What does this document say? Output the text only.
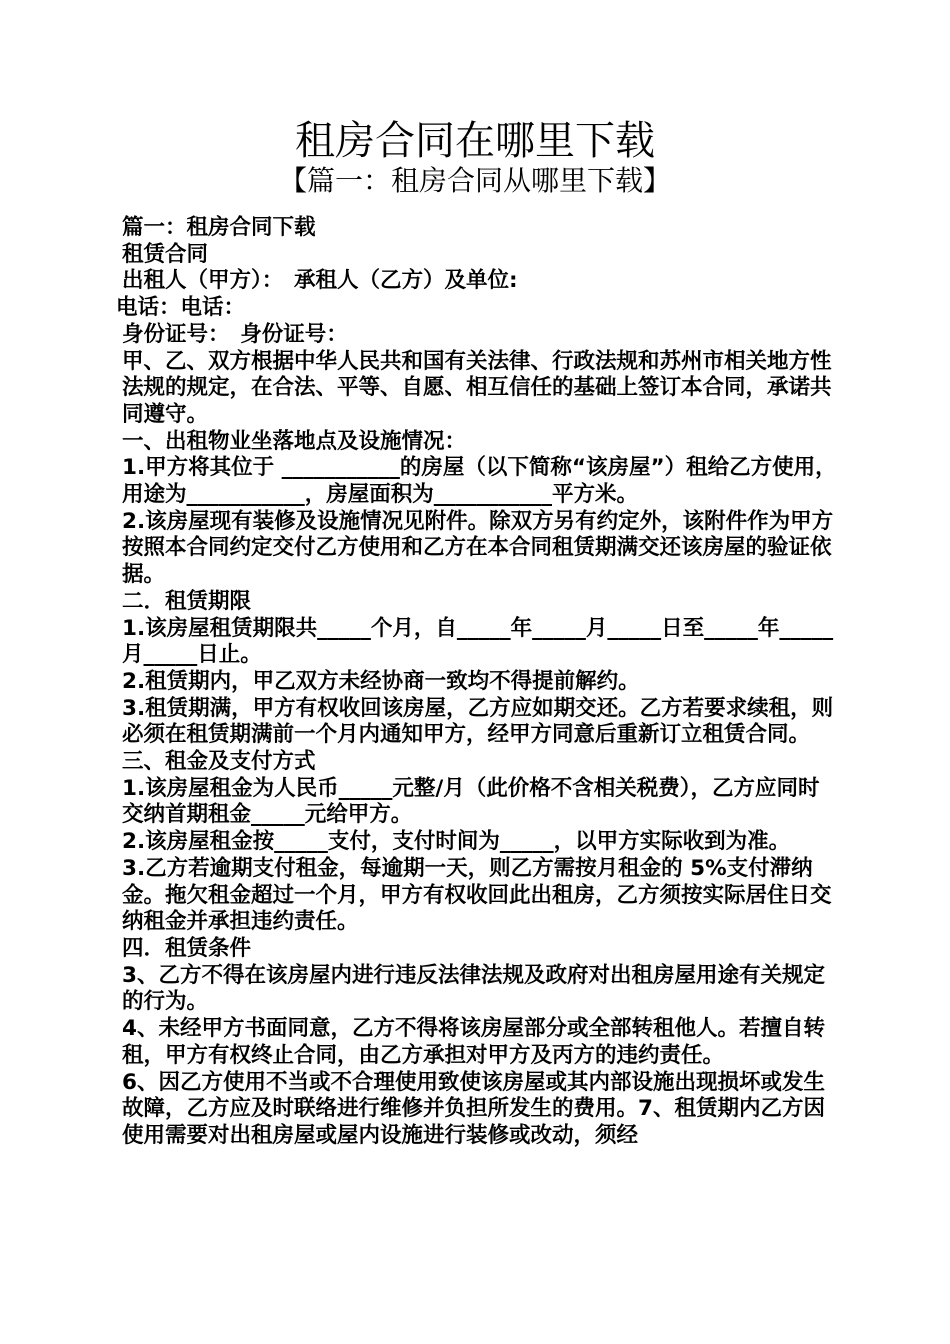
租房合同在哪里下载
【篇一：租房合同从哪里下载】

篇一：租房合同下载

租赁合同

出租人（甲方）：　承租人（乙方）及单位:

电话：电话：

身份证号：　身份证号：

甲、乙、双方根据中华人民共和国有关法律、行政法规和苏州市相关地方性法规的规定，在合法、平等、自愿、相互信任的基础上签订本合同，承诺共同遵守。

一、出租物业坐落地点及设施情况：

1.甲方将其位于 ___________的房屋（以下简称“该房屋”）租给乙方使用，用途为___________，房屋面积为___________平方米。

2.该房屋现有装修及设施情况见附件。除双方另有约定外，该附件作为甲方按照本合同约定交付乙方使用和乙方在本合同租赁期满交还该房屋的验证依据。

二．租赁期限

1.该房屋租赁期限共_____个月，自_____年_____月_____日至_____年_____月_____日止。

2.租赁期内，甲乙双方未经协商一致均不得提前解约。

3.租赁期满，甲方有权收回该房屋，乙方应如期交还。乙方若要求续租，则必须在租赁期满前一个月内通知甲方，经甲方同意后重新订立租赁合同。

三、租金及支付方式

1.该房屋租金为人民币_____元整/月（此价格不含相关税费），乙方应同时交纳首期租金_____元给甲方。

2.该房屋租金按_____支付，支付时间为_____，以甲方实际收到为准。

3.乙方若逾期支付租金，每逾期一天，则乙方需按月租金的 5%支付滞纳金。拖欠租金超过一个月，甲方有权收回此出租房，乙方须按实际居住日交纳租金并承担违约责任。

四．租赁条件

3、乙方不得在该房屋内进行违反法律法规及政府对出租房屋用途有关规定的行为。

4、未经甲方书面同意，乙方不得将该房屋部分或全部转租他人。若擅自转租，甲方有权终止合同，由乙方承担对甲方及丙方的违约责任。

6、因乙方使用不当或不合理使用致使该房屋或其内部设施出现损坏或发生故障，乙方应及时联络进行维修并负担所发生的费用。7、租赁期内乙方因使用需要对出租房屋或屋内设施进行装修或改动，须经
